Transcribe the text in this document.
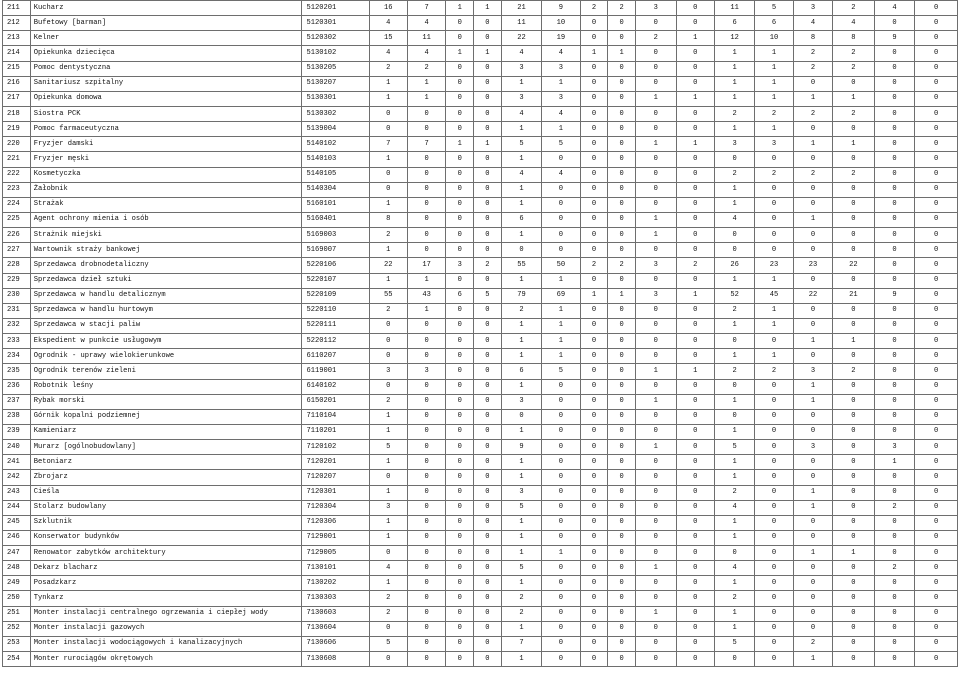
211	Kucharz	5120201	16	7	1	1	21	9	2	2	3	0	11	5	3	2	4	0
212	Bufetowy [barman]	5120301	4	4	0	0	11	10	0	0	0	0	6	6	4	4	0	0
213	Kelner	5120302	15	11	0	0	22	19	0	0	2	1	12	10	8	8	9	0
214	Opiekunka dziecięca	5130102	4	4	1	1	4	4	1	1	0	0	1	1	2	2	0	0
215	Pomoc dentystyczna	5130205	2	2	0	0	3	3	0	0	0	0	1	1	2	2	0	0
216	Sanitariusz szpitalny	5130207	1	1	0	0	1	1	0	0	0	0	1	1	0	0	0	0
217	Opiekunka domowa	5130301	1	1	0	0	3	3	0	0	1	1	1	1	1	1	0	0
218	Siostra PCK	5130302	0	0	0	0	4	4	0	0	0	0	2	2	2	2	0	0
219	Pomoc farmaceutyczna	5139004	0	0	0	0	1	1	0	0	0	0	1	1	0	0	0	0
220	Fryzjer damski	5140102	7	7	1	1	5	5	0	0	1	1	3	3	1	1	0	0
221	Fryzjer męski	5140103	1	0	0	0	1	0	0	0	0	0	0	0	0	0	0	0
222	Kosmetyczka	5140105	0	0	0	0	4	4	0	0	0	0	2	2	2	2	0	0
223	Żałobnik	5140304	0	0	0	0	1	0	0	0	0	0	1	0	0	0	0	0
224	Strażak	5160101	1	0	0	0	1	0	0	0	0	0	1	0	0	0	0	0
225	Agent ochrony mienia i osób	5160401	8	0	0	0	6	0	0	0	1	0	4	0	1	0	0	0
226	Strażnik miejski	5169003	2	0	0	0	1	0	0	0	1	0	0	0	0	0	0	0
227	Wartownik straży bankowej	5169007	1	0	0	0	0	0	0	0	0	0	0	0	0	0	0	0
228	Sprzedawca drobnodetaliczny	5220106	22	17	3	2	55	50	2	2	3	2	26	23	23	22	0	0
229	Sprzedawca dzieł sztuki	5220107	1	1	0	0	1	1	0	0	0	0	1	1	0	0	0	0
230	Sprzedawca w handlu detalicznym	5220109	55	43	6	5	79	69	1	1	3	1	52	45	22	21	9	0
231	Sprzedawca w handlu hurtowym	5220110	2	1	0	0	2	1	0	0	0	0	2	1	0	0	0	0
232	Sprzedawca w stacji paliw	5220111	0	0	0	0	1	1	0	0	0	0	1	1	0	0	0	0
233	Ekspedient w punkcie usługowym	5220112	0	0	0	0	1	1	0	0	0	0	0	0	1	1	0	0
234	Ogrodnik - uprawy wielokierunkowe	6110207	0	0	0	0	1	1	0	0	0	0	1	1	0	0	0	0
235	Ogrodnik terenów zieleni	6119001	3	3	0	0	6	5	0	0	1	1	2	2	3	2	0	0
236	Robotnik leśny	6140102	0	0	0	0	1	0	0	0	0	0	0	0	1	0	0	0
237	Rybak morski	6150201	2	0	0	0	3	0	0	0	1	0	1	0	1	0	0	0
238	Górnik kopalni podziemnej	7110104	1	0	0	0	0	0	0	0	0	0	0	0	0	0	0	0
239	Kamieniarz	7110201	1	0	0	0	1	0	0	0	0	0	1	0	0	0	0	0
240	Murarz [ogólnobudowlany]	7120102	5	0	0	0	9	0	0	0	1	0	5	0	3	0	3	0
241	Betoniarz	7120201	1	0	0	0	1	0	0	0	0	0	1	0	0	0	1	0
242	Zbrojarz	7120207	0	0	0	0	1	0	0	0	0	0	1	0	0	0	0	0
243	Cieśla	7120301	1	0	0	0	3	0	0	0	0	0	2	0	1	0	0	0
244	Stolarz budowlany	7120304	3	0	0	0	5	0	0	0	0	0	4	0	1	0	2	0
245	Szklutnik	7120306	1	0	0	0	1	0	0	0	0	0	1	0	0	0	0	0
246	Konserwator budynków	7129001	1	0	0	0	1	0	0	0	0	0	1	0	0	0	0	0
247	Renowator zabytków architektury	7129005	0	0	0	0	1	1	0	0	0	0	0	0	1	1	0	0
248	Dekarz blacharz	7130101	4	0	0	0	5	0	0	0	1	0	4	0	0	0	2	0
249	Posadzkarz	7130202	1	0	0	0	1	0	0	0	0	0	1	0	0	0	0	0
250	Tynkarz	7130303	2	0	0	0	2	0	0	0	0	0	2	0	0	0	0	0
251	Monter instalacji centralnego ogrzewania i ciepłej wody	7130603	2	0	0	0	2	0	0	0	1	0	1	0	0	0	0	0
252	Monter instalacji gazowych	7130604	0	0	0	0	1	0	0	0	0	0	1	0	0	0	0	0
253	Monter instalacji wodociągowych i kanalizacyjnych	7130606	5	0	0	0	7	0	0	0	0	0	5	0	2	0	0	0
254	Monter rurociągów okrętowych	7130608	0	0	0	0	1	0	0	0	0	0	0	0	1	0	0	0
